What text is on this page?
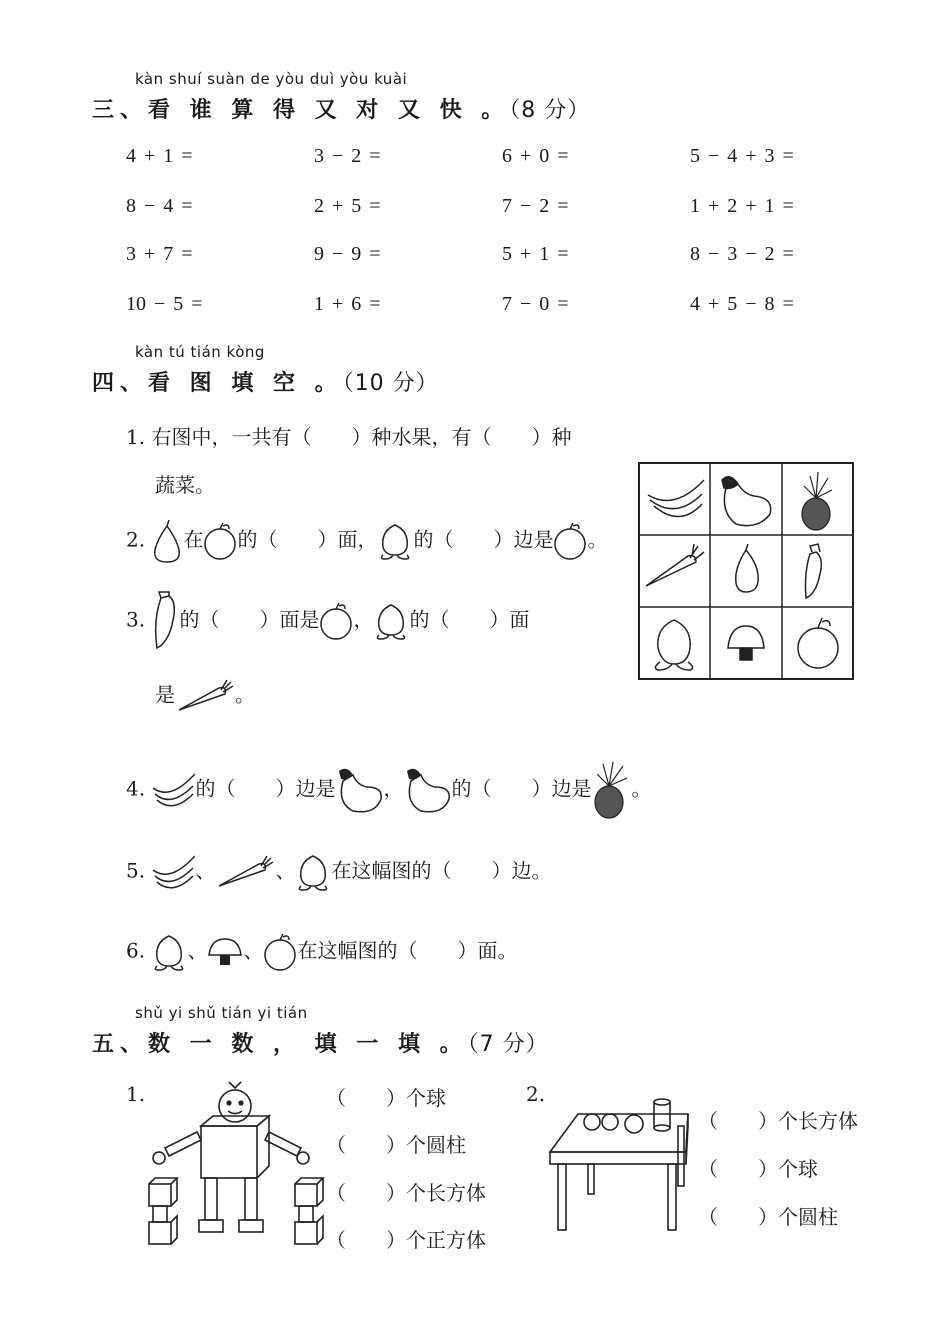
kàn shuí suàn de yòu duì yòu kuài
三、看 谁 算 得 又 对 又 快 。（8 分）
4 + 1 =	3 − 2 =	6 + 0 =	5 − 4 + 3 =
8 − 4 =	2 + 5 =	7 − 2 =	1 + 2 + 1 =
3 + 7 =	9 − 9 =	5 + 1 =	8 − 3 − 2 =
10 − 5 =	1 + 6 =	7 − 0 =	4 + 5 − 8 =
kàn tú tián kòng
四、看 图 填 空 。（10 分）
1. 右图中，一共有（　　）种水果，有（　　）种
蔬菜。
2. 在 的（　　）面， 的（　　）边是 。
3. 的（　　）面是 ， 的（　　）面
是	。
4.	的（　　）边是 ， 的（　　）边是 。
5.	、	、 在这幅图的（　　）边。
6. 、 、 在这幅图的（　　）面。
shǔ yi shǔ tián yi tián
五、数 一 数 ， 填 一 填 。（7 分）
1.	（　　）个球
（　　）个圆柱
（　　）个长方体
（　　）个正方体
2.
（　　）个长方体
（　　）个球
（　　）个圆柱
